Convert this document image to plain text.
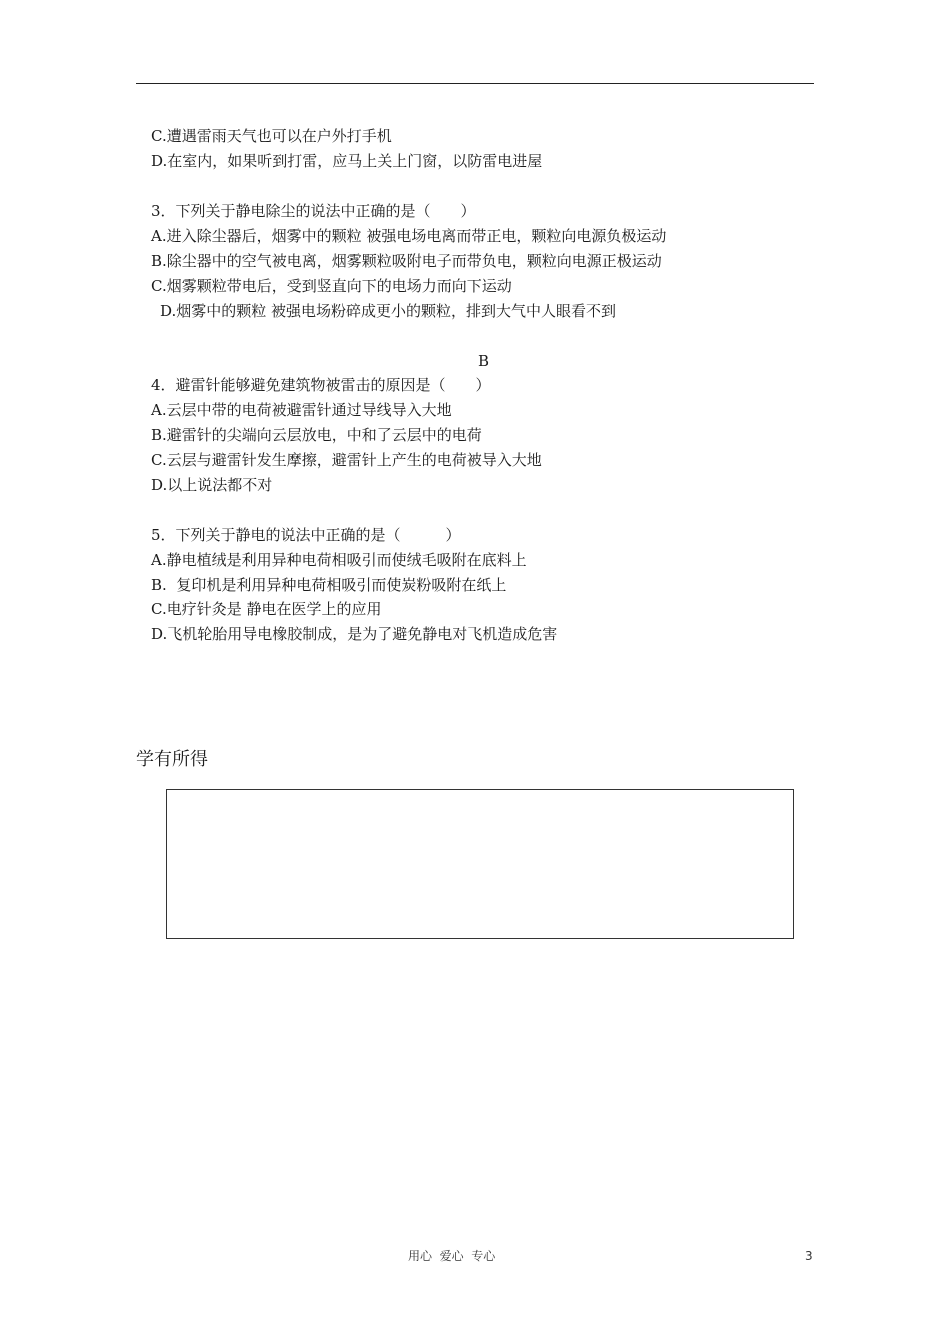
C.遭遇雷雨天气也可以在户外打手机
D.在室内，如果听到打雷，应马上关上门窗，以防雷电进屋
3．下列关于静电除尘的说法中正确的是（　　）
A.进入除尘器后，烟雾中的颗粒 被强电场电离而带正电，颗粒向电源负极运动
B.除尘器中的空气被电离，烟雾颗粒吸附电子而带负电，颗粒向电源正极运动
C.烟雾颗粒带电后，受到竖直向下的电场力而向下运动
D.烟雾中的颗粒 被强电场粉碎成更小的颗粒，排到大气中人眼看不到
B
4．避雷针能够避免建筑物被雷击的原因是（　　）
A.云层中带的电荷被避雷针通过导线导入大地
B.避雷针的尖端向云层放电，中和了云层中的电荷
C.云层与避雷针发生摩擦，避雷针上产生的电荷被导入大地
D.以上说法都不对
5．下列关于静电的说法中正确的是（　　　）
A.静电植绒是利用异种电荷相吸引而使绒毛吸附在底料上
B.  复印机是利用异种电荷相吸引而使炭粉吸附在纸上
C.电疗针灸是 静电在医学上的应用
D.飞机轮胎用导电橡胶制成，是为了避免静电对飞机造成危害
学有所得
用心  爱心  专心	3
